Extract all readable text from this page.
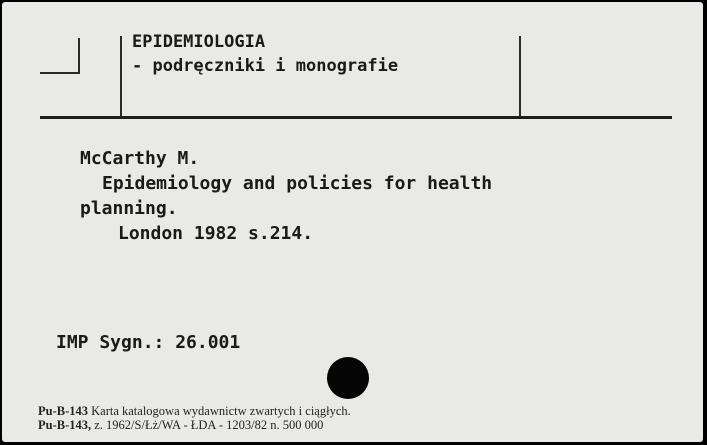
EPIDEMIOLOGIA
- podręczniki i monografie
McCarthy M.
Epidemiology and policies for health
planning.
London 1982 s.214.
IMP Sygn.: 26.001
Pu-B-143 Karta katalogowa wydawnictw zwartych i ciągłych.
Pu-B-143, z. 1962/S/Łż/WA - ŁDA - 1203/82 n. 500 000
